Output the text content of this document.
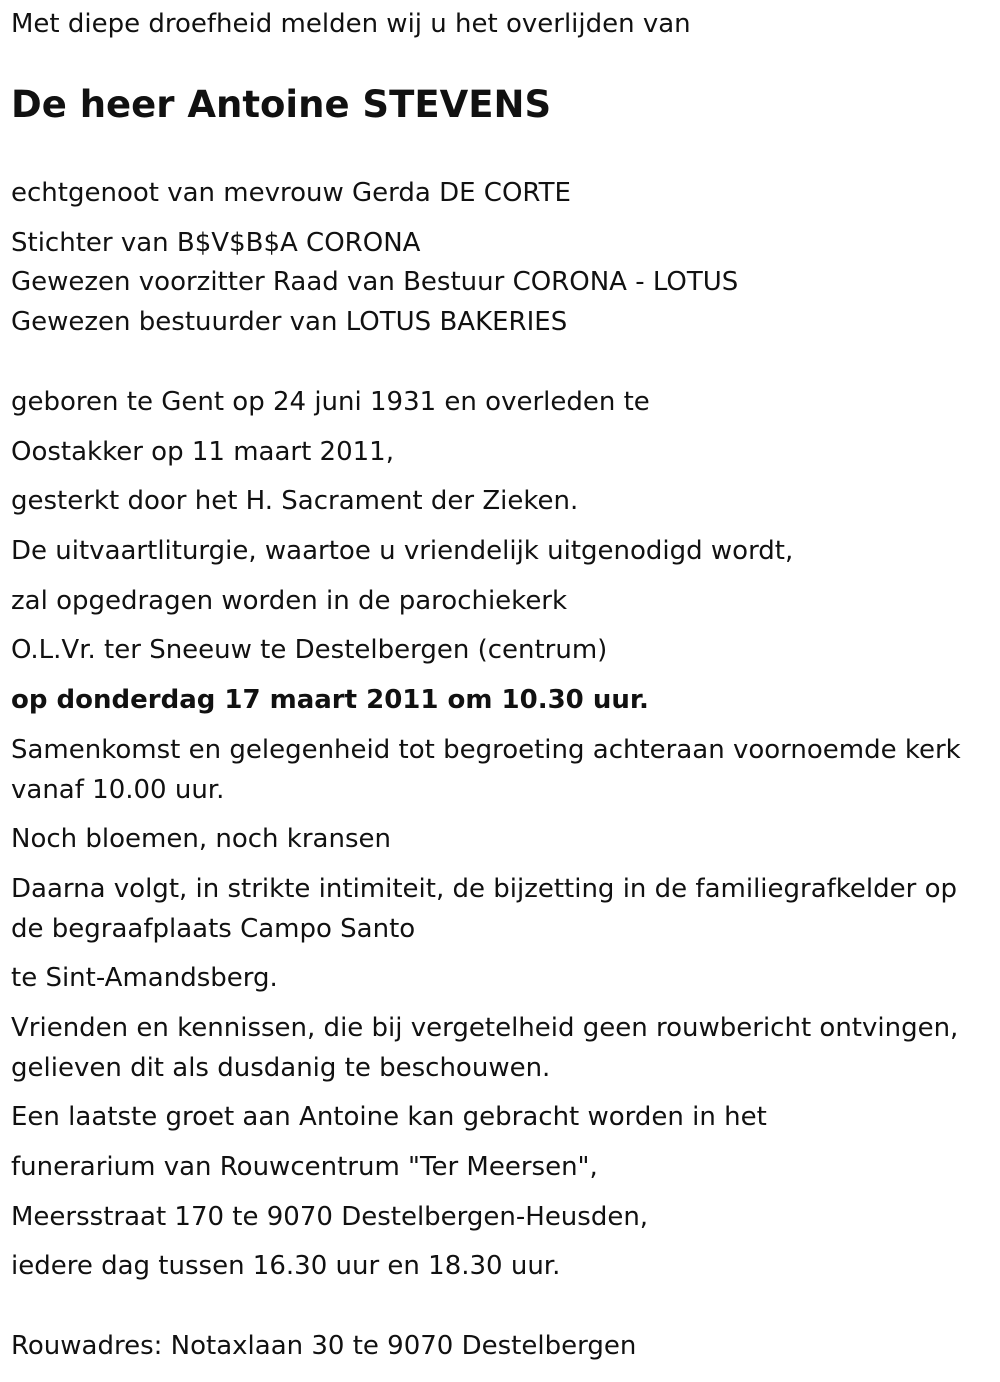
Met diepe droefheid melden wij u het overlijden van

De heer Antoine STEVENS

echtgenoot van mevrouw Gerda DE CORTE

Stichter van B$V$B$A CORONA

Gewezen voorzitter Raad van Bestuur CORONA - LOTUS

Gewezen bestuurder van LOTUS BAKERIES

geboren te Gent op 24 juni 1931 en overleden te

Oostakker op 11 maart 2011,

gesterkt door het H. Sacrament der Zieken.

De uitvaartliturgie, waartoe u vriendelijk uitgenodigd wordt,

zal opgedragen worden in de parochiekerk

O.L.Vr. ter Sneeuw te Destelbergen (centrum)

op donderdag 17 maart 2011 om 10.30 uur.

Samenkomst en gelegenheid tot begroeting achteraan voornoemde kerk vanaf 10.00 uur.

Noch bloemen, noch kransen

Daarna volgt, in strikte intimiteit, de bijzetting in de familiegrafkelder op de begraafplaats Campo Santo

te Sint-Amandsberg.

Vrienden en kennissen, die bij vergetelheid geen rouwbericht ontvingen, gelieven dit als dusdanig te beschouwen.

Een laatste groet aan Antoine kan gebracht worden in het

funerarium van Rouwcentrum "Ter Meersen",

Meersstraat 170 te 9070 Destelbergen-Heusden,

iedere dag tussen 16.30 uur en 18.30 uur.

Rouwadres: Notaxlaan 30 te 9070 Destelbergen
